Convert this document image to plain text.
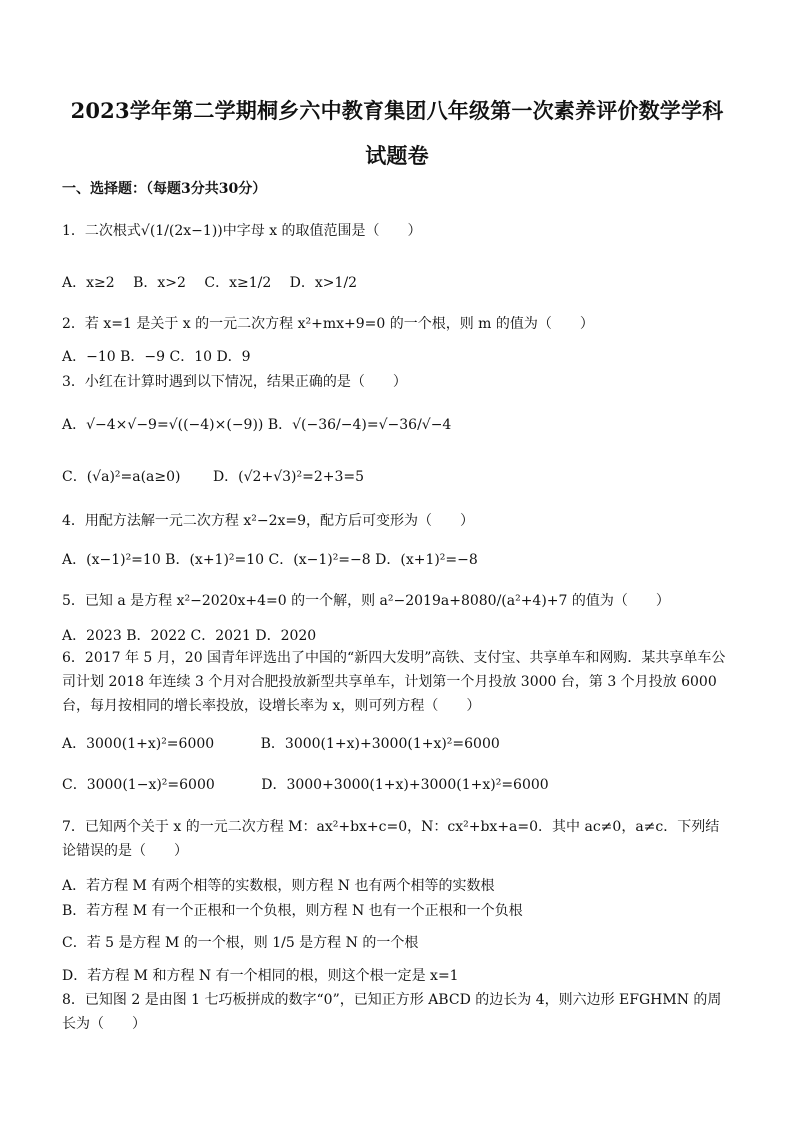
2023学年第二学期桐乡六中教育集团八年级第一次素养评价数学学科
试题卷
一、选择题：（每题3分共30分）
1．二次根式√(1/(2x−1))中字母 x 的取值范围是（　　）
A．x≥2　 B．x>2　 C．x≥1/2　 D．x>1/2
2．若 x=1 是关于 x 的一元二次方程 x²+mx+9=0 的一个根，则 m 的值为（　　）
A．−10 B．−9 C．10 D．9
3．小红在计算时遇到以下情况，结果正确的是（　　）
A．√−4×√−9=√((−4)×(−9)) B．√(−36/−4)=√−36/√−4
C．(√a)²=a(a≥0)　　 D．(√2+√3)²=2+3=5
4．用配方法解一元二次方程 x²−2x=9，配方后可变形为（　　）
A．(x−1)²=10 B．(x+1)²=10 C．(x−1)²=−8 D．(x+1)²=−8
5．已知 a 是方程 x²−2020x+4=0 的一个解，则 a²−2019a+8080/(a²+4)+7 的值为（　　）
A．2023 B．2022 C．2021 D．2020
6．2017 年 5 月，20 国青年评选出了中国的“新四大发明”高铁、支付宝、共享单车和网购．某共享单车公司计划 2018 年连续 3 个月对合肥投放新型共享单车，计划第一个月投放 3000 台，第 3 个月投放 6000 台，每月按相同的增长率投放，设增长率为 x，则可列方程（　　）
A．3000(1+x)²=6000　　　 B．3000(1+x)+3000(1+x)²=6000
C．3000(1−x)²=6000　　　 D．3000+3000(1+x)+3000(1+x)²=6000
7．已知两个关于 x 的一元二次方程 M：ax²+bx+c=0，N：cx²+bx+a=0．其中 ac≠0，a≠c．下列结论错误的是（　　）
A．若方程 M 有两个相等的实数根，则方程 N 也有两个相等的实数根
B．若方程 M 有一个正根和一个负根，则方程 N 也有一个正根和一个负根
C．若 5 是方程 M 的一个根，则 1/5 是方程 N 的一个根
D．若方程 M 和方程 N 有一个相同的根，则这个根一定是 x=1
8．已知图 2 是由图 1 七巧板拼成的数字“0”，已知正方形 ABCD 的边长为 4，则六边形 EFGHMN 的周长为（　　）
